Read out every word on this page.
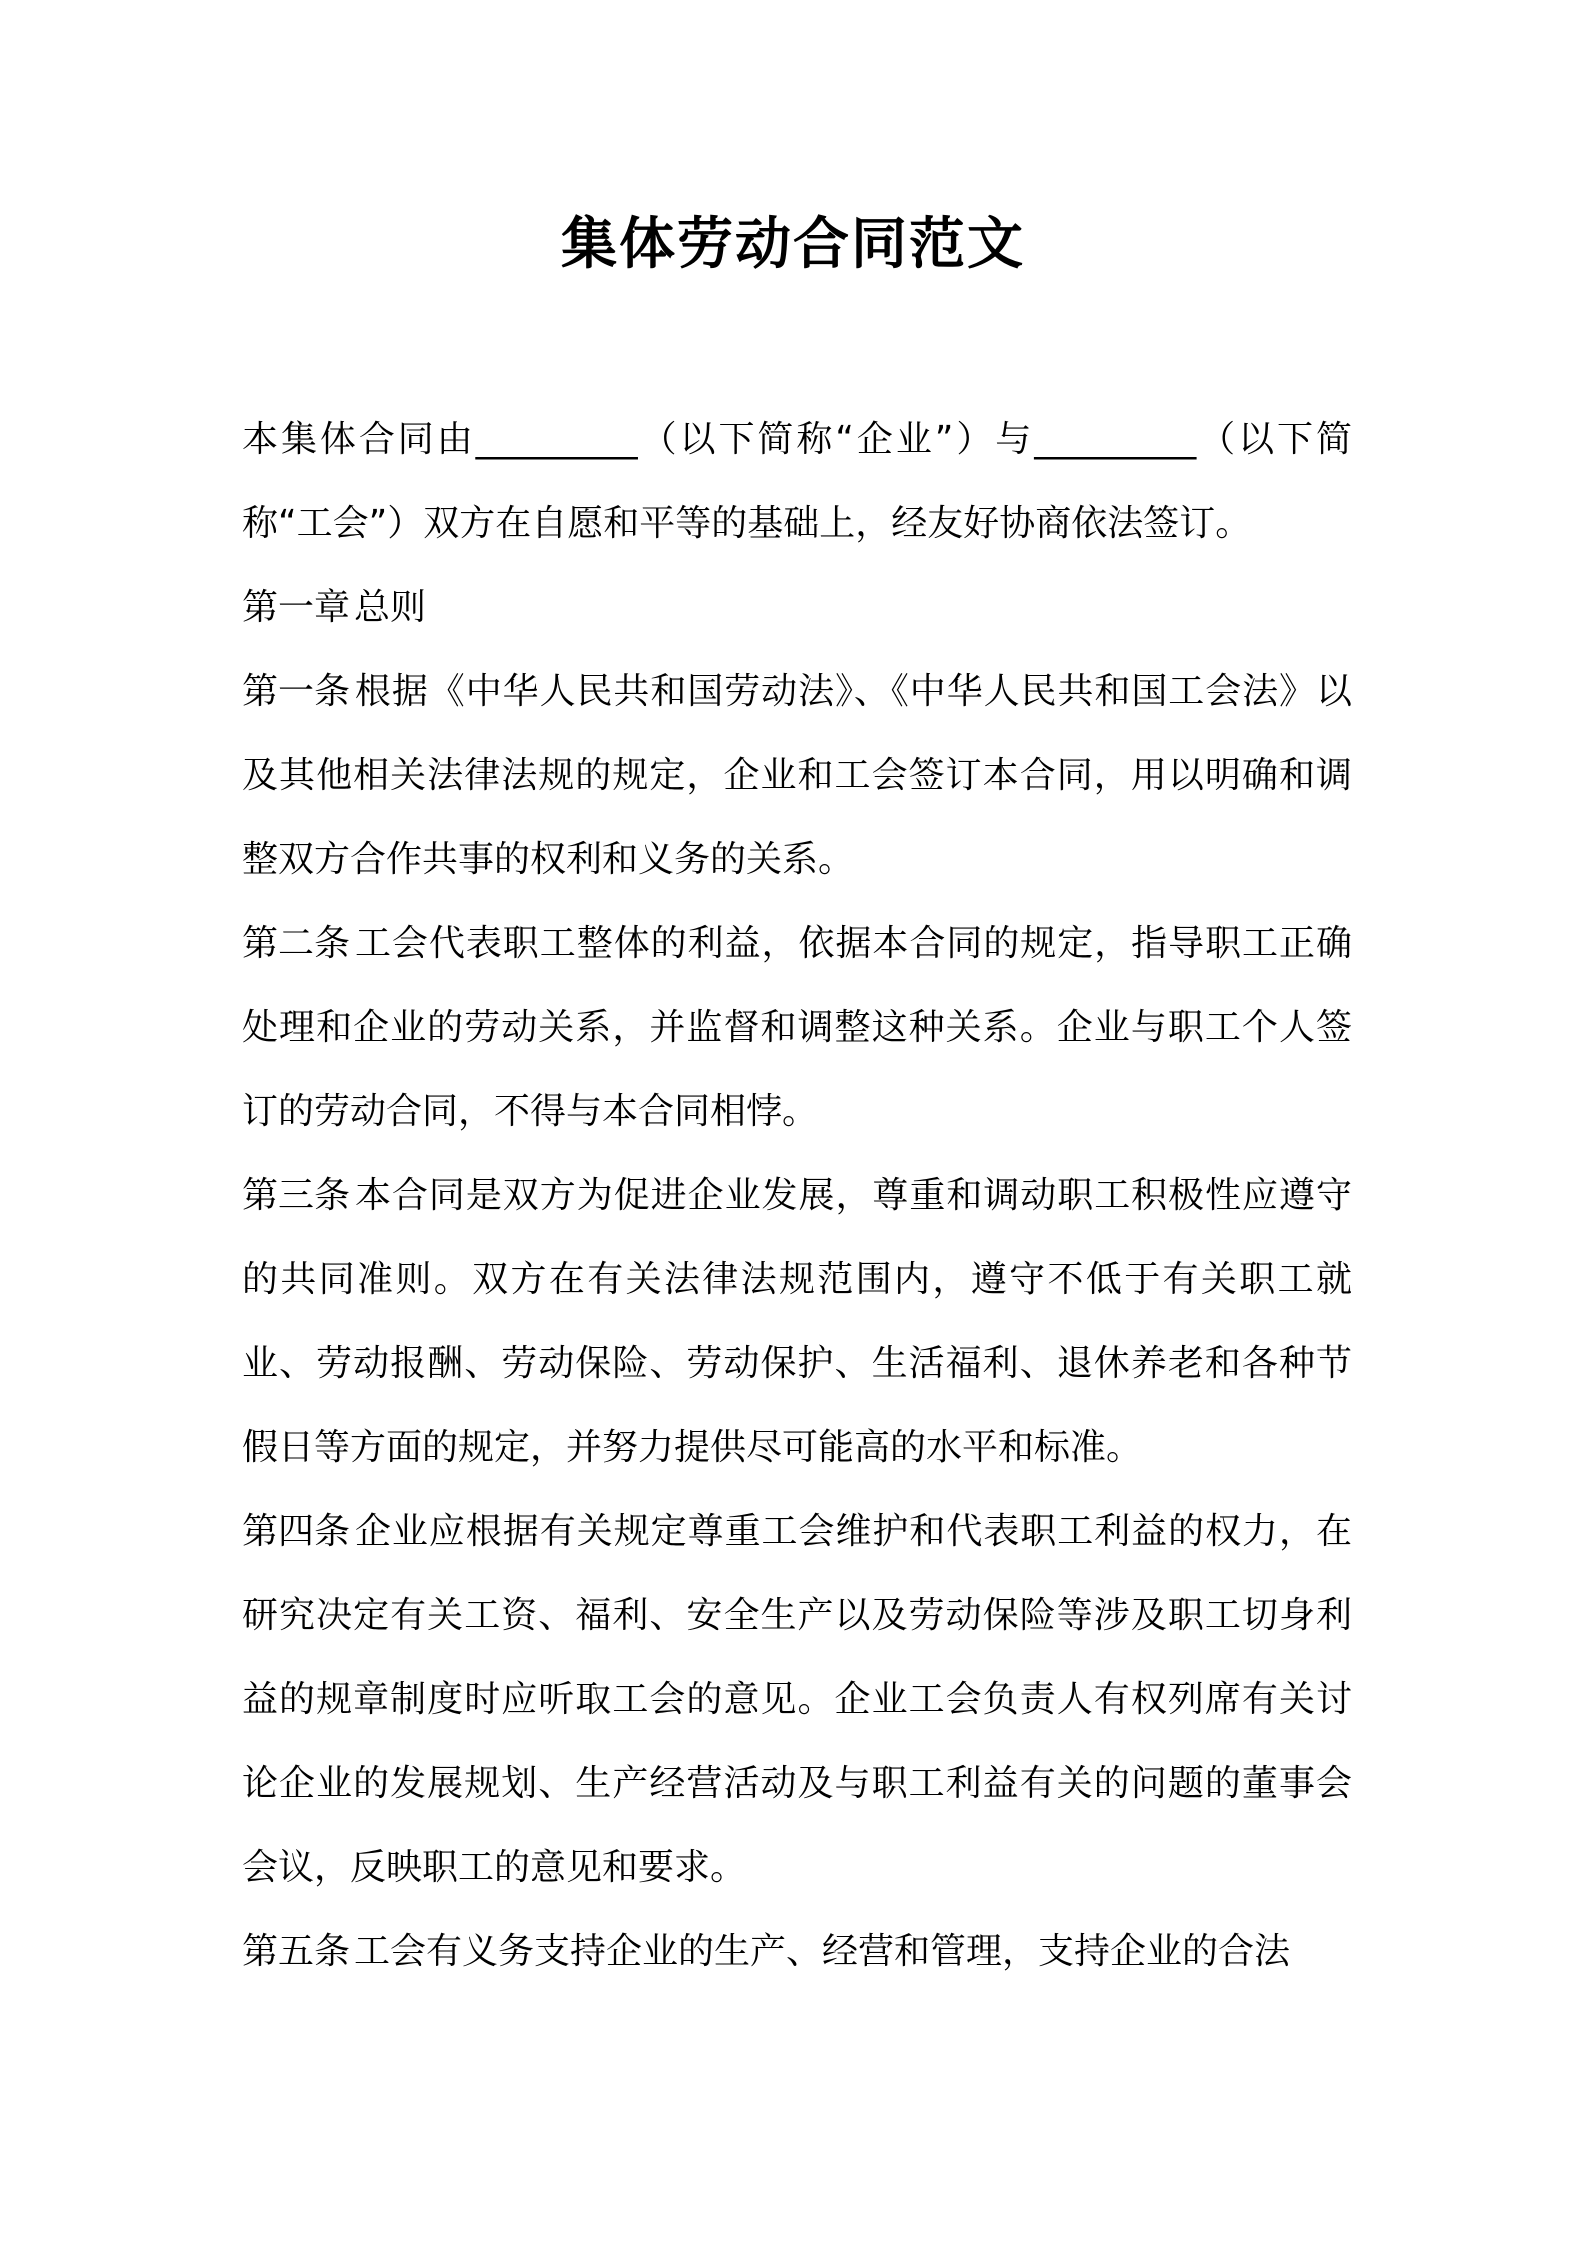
集体劳动合同范文

本集体合同由_________（以下简称“企业”）与_________（以下简称“工会”）双方在自愿和平等的基础上，经友好协商依法签订。

第一章 总则

第一条 根据《中华人民共和国劳动法》、《中华人民共和国工会法》以及其他相关法律法规的规定，企业和工会签订本合同，用以明确和调整双方合作共事的权利和义务的关系。

第二条 工会代表职工整体的利益，依据本合同的规定，指导职工正确处理和企业的劳动关系，并监督和调整这种关系。企业与职工个人签订的劳动合同，不得与本合同相悖。

第三条 本合同是双方为促进企业发展，尊重和调动职工积极性应遵守的共同准则。双方在有关法律法规范围内，遵守不低于有关职工就业、劳动报酬、劳动保险、劳动保护、生活福利、退休养老和各种节假日等方面的规定，并努力提供尽可能高的水平和标准。

第四条 企业应根据有关规定尊重工会维护和代表职工利益的权力，在研究决定有关工资、福利、安全生产以及劳动保险等涉及职工切身利益的规章制度时应听取工会的意见。企业工会负责人有权列席有关讨论企业的发展规划、生产经营活动及与职工利益有关的问题的董事会会议，反映职工的意见和要求。

第五条 工会有义务支持企业的生产、经营和管理，支持企业的合法
